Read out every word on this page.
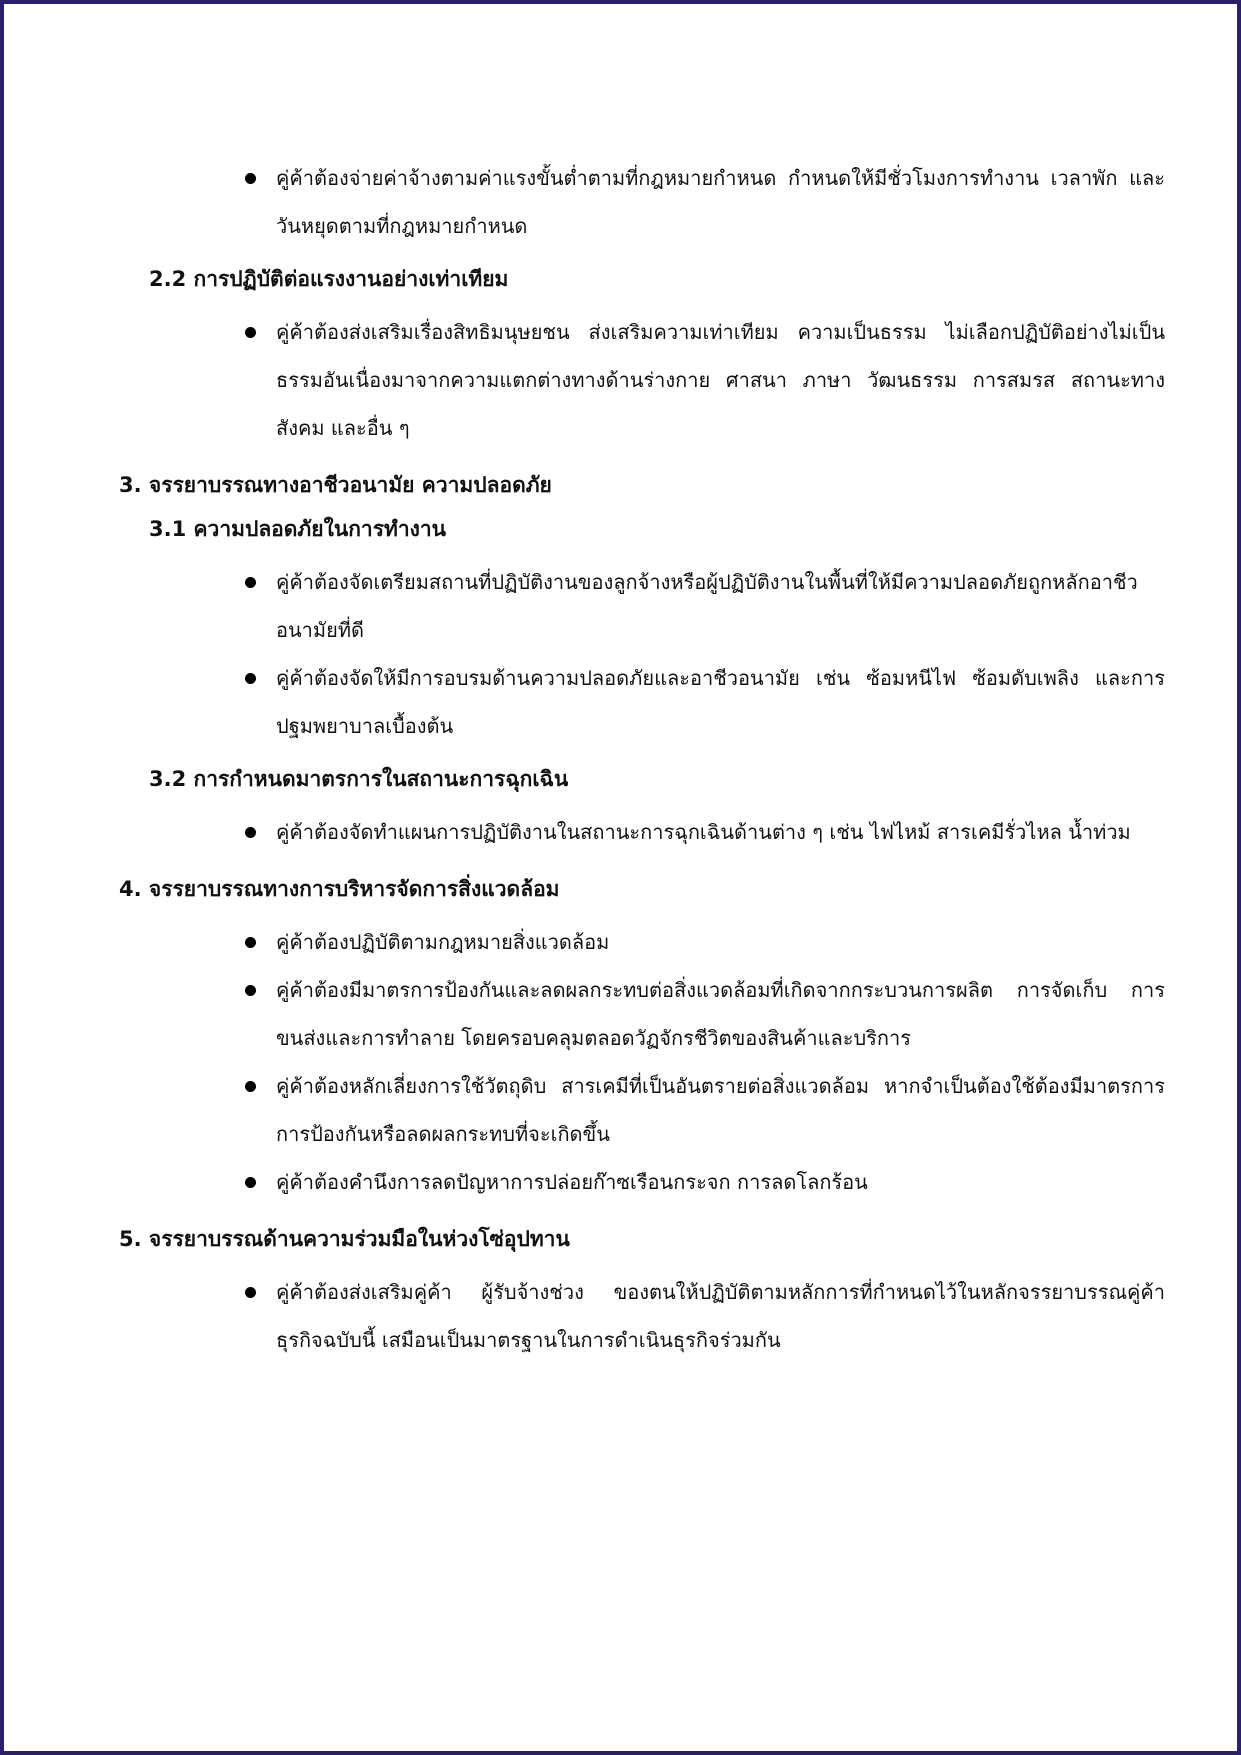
คู่ค้าต้องจ่ายค่าจ้างตามค่าแรงขั้นต่ำตามที่กฎหมายกำหนด กำหนดให้มีชั่วโมงการทำงาน เวลาพัก และวันหยุดตามที่กฎหมายกำหนด

2.2 การปฏิบัติต่อแรงงานอย่างเท่าเทียม

คู่ค้าต้องส่งเสริมเรื่องสิทธิมนุษยชน ส่งเสริมความเท่าเทียม ความเป็นธรรม ไม่เลือกปฏิบัติอย่างไม่เป็นธรรมอันเนื่องมาจากความแตกต่างทางด้านร่างกาย ศาสนา ภาษา วัฒนธรรม การสมรส สถานะทางสังคม และอื่น ๆ

3. จรรยาบรรณทางอาชีวอนามัย ความปลอดภัย

3.1 ความปลอดภัยในการทำงาน

คู่ค้าต้องจัดเตรียมสถานที่ปฏิบัติงานของลูกจ้างหรือผู้ปฏิบัติงานในพื้นที่ให้มีความปลอดภัยถูกหลักอาชีวอนามัยที่ดี

คู่ค้าต้องจัดให้มีการอบรมด้านความปลอดภัยและอาชีวอนามัย เช่น ซ้อมหนีไฟ ซ้อมดับเพลิง และการปฐมพยาบาลเบื้องต้น

3.2 การกำหนดมาตรการในสถานะการฉุกเฉิน

คู่ค้าต้องจัดทำแผนการปฏิบัติงานในสถานะการฉุกเฉินด้านต่าง ๆ เช่น ไฟไหม้ สารเคมีรั่วไหล น้ำท่วม

4. จรรยาบรรณทางการบริหารจัดการสิ่งแวดล้อม

คู่ค้าต้องปฏิบัติตามกฎหมายสิ่งแวดล้อม

คู่ค้าต้องมีมาตรการป้องกันและลดผลกระทบต่อสิ่งแวดล้อมที่เกิดจากกระบวนการผลิต การจัดเก็บ การขนส่งและการทำลาย โดยครอบคลุมตลอดวัฏจักรชีวิตของสินค้าและบริการ

คู่ค้าต้องหลักเลี่ยงการใช้วัตถุดิบ สารเคมีที่เป็นอันตรายต่อสิ่งแวดล้อม หากจำเป็นต้องใช้ต้องมีมาตรการการป้องกันหรือลดผลกระทบที่จะเกิดขึ้น

คู่ค้าต้องคำนึงการลดปัญหาการปล่อยก๊าซเรือนกระจก การลดโลกร้อน

5. จรรยาบรรณด้านความร่วมมือในห่วงโซ่อุปทาน

คู่ค้าต้องส่งเสริมคู่ค้า ผู้รับจ้างช่วง ของตนให้ปฏิบัติตามหลักการที่กำหนดไว้ในหลักจรรยาบรรณคู่ค้าธุรกิจฉบับนี้ เสมือนเป็นมาตรฐานในการดำเนินธุรกิจร่วมกัน
